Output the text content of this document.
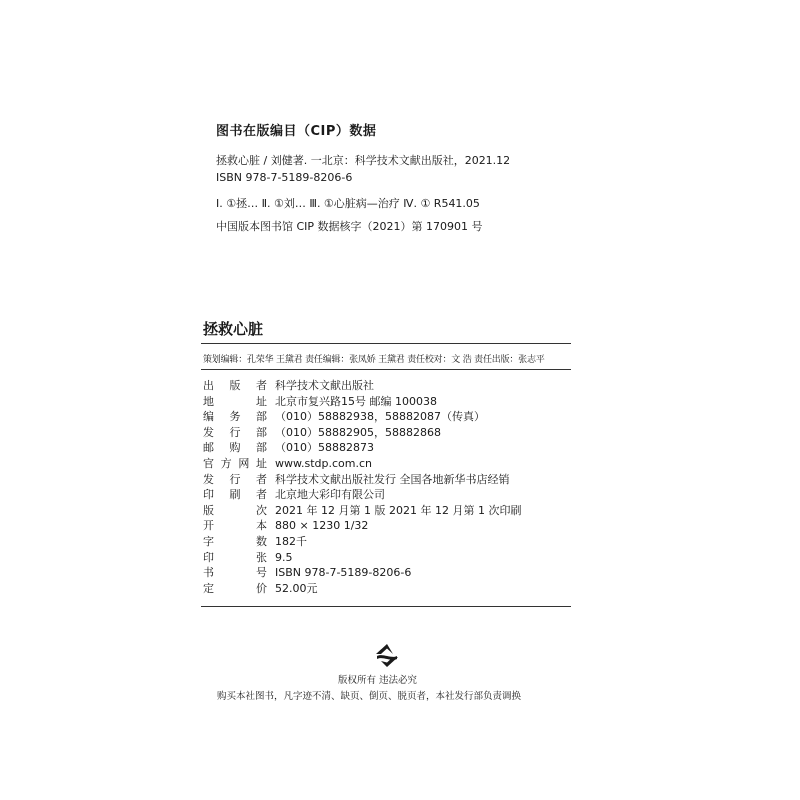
图书在版编目（CIP）数据
拯救心脏 / 刘健著. 一北京：科学技术文献出版社，2021.12
ISBN 978-7-5189-8206-6
Ⅰ. ①拯… Ⅱ. ①刘… Ⅲ. ①心脏病—治疗 Ⅳ. ① R541.05
中国版本图书馆 CIP 数据核字（2021）第 170901 号
拯救心脏
策划编辑：孔荣华 王黛君 责任编辑：张凤娇 王黛君 责任校对：文 浩 责任出版：张志平
出 版 者 科学技术文献出版社
地	址 北京市复兴路15号 邮编 100038
编 务 部 （010）58882938，58882087（传真）
发 行 部 （010）58882905，58882868
邮 购 部 （010）58882873
官 方 网 址 www.stdp.com.cn
发 行 者 科学技术文献出版社发行 全国各地新华书店经销
印 刷 者 北京地大彩印有限公司
版	次 2021 年 12 月第 1 版 2021 年 12 月第 1 次印刷
开	本 880 × 1230 1/32
字	数 182千
印	张 9.5
书	号 ISBN 978-7-5189-8206-6
定	价 52.00元
版权所有 违法必究
购买本社图书，凡字迹不清、缺页、倒页、脱页者，本社发行部负责调换
